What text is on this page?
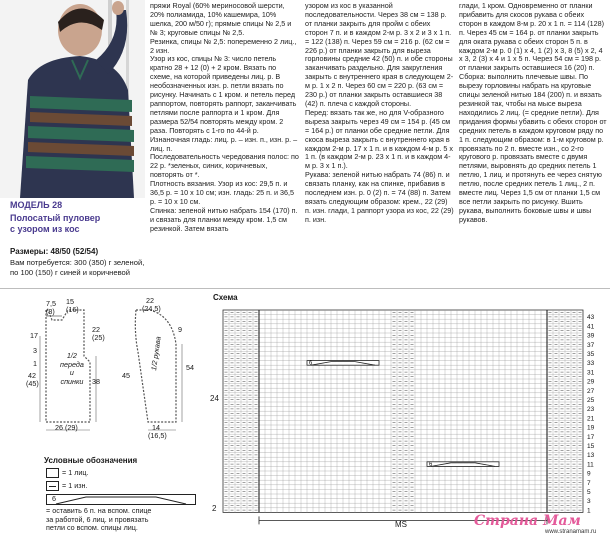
МОДЕЛЬ 28
Полосатый пуловер
с узором из кос
Размеры: 48/50 (52/54)
Вам потребуется: 300 (350) г зеленой,
по 100 (150) г синей и коричневой
пряжи Royal (60% мериносовой шерсти, 20% полиамида, 10% кашемира, 10% шелка, 200 м/50 г); прямые спицы № 2,5 и № 3; круговые спицы № 2,5.
Резинка, спицы № 2,5: попеременно 2 лиц., 2 изн.
Узор из кос, спицы № 3: число петель кратно 28 + 12 (0) + 2 кром. Вязать по схеме, на которой приведены лиц. р. В необозначенных изн. р. петли вязать по рисунку. Начинать с 1 кром. и петель перед раппортом, повторять раппорт, заканчивать петлями после раппорта и 1 кром. Для размера 52/54 повторять между кром. 2 раза. Повторять с 1-го по 44-й р.
Изнаночная гладь: лиц. р. – изн. п., изн. р. – лиц. п.
Последовательность чередования полос: по 22 р. *зеленых, синих, коричневых, повторять от *.
Плотность вязания. Узор из кос: 29,5 п. и 36,5 р. = 10 х 10 см; изн. гладь: 25 п. и 36,5 р. = 10 х 10 см.
Спинка: зеленой нитью набрать 154 (170) п. и связать для планки между кром. 1,5 см резинкой. Затем вязать
узором из кос в указанной последовательности. Через 38 см = 138 р. от планки закрыть для пройм с обеих сторон 7 п. и в каждом 2-м р. 3 х 2 и 3 х 1 п. = 122 (138) п. Через 59 см = 216 р. (62 см = 226 р.) от планки закрыть для выреза горловины средние 42 (50) п. и обе стороны заканчивать раздельно. Для закругления закрыть с внутреннего края в следующем 2-м р. 1 х 2 п. Через 60 см = 220 р. (63 см = 230 р.) от планки закрыть оставшиеся 38 (42) п. плеча с каждой стороны.
Перед: вязать так же, но для V-образного выреза закрыть через 49 см = 154 р. (45 см = 164 р.) от планки обе средние петли. Для скоса выреза закрыть с внутреннего края в каждом 2-м р. 17 х 1 п. и в каждом 4-м р. 5 х 1 п. (в каждом 2-м р. 23 х 1 п. и в каждом 4-м р. 3 х 1 п.).
Рукава: зеленой нитью набрать 74 (86) п. и связать планку, как на спинке, прибавив в последнем изн. р. 0 (2) п. = 74 (88) п. Затем вязать следующим образом: крем., 22 (29) п. изн. глади, 1 раппорт узора из кос, 22 (29) п. изн.
глади, 1 кром. Одновременно от планки прибавить для скосов рукава с обеих сторон в каждом 8-м р. 20 х 1 п. = 114 (128) п. Через 45 см = 164 р. от планки закрыть для оката рукава с обеих сторон 5 п. в каждом 2-м р. 0 (1) х 4, 1 (2) х 3, 8 (5) х 2, 4 х 3, 2 (3) х 4 и 1 х 5 п. Через 54 см = 198 р. от планки закрыть оставшиеся 16 (20) п.
Сборка: выполнить плечевые швы. По вырезу горловины набрать на круговые спицы зеленой нитью 184 (200) п. и вязать резинкой так, чтобы на мысе выреза находились 2 лиц. (= средние петли). Для придания формы убавить с обеих сторон от средних петель в каждом круговом ряду по 1 п. следующим образом: в 1-м круговом р. провязать по 2 п. вместе изн., со 2-го кругового р. провязать вместе с двумя петлями, выровнять до средних петель 1 петлю, 1 лиц. и протянуть ее через снятую петлю, после средних петель 1 лиц., 2 п. вместе лиц. Через 1,5 см от планки 1,5 см все петли закрыть по рисунку. Вшить рукава, выполнить боковые швы и швы рукавов.
7,5
(8)
15
(16)
17
22
(25)
3
1
42
(45)	38
26 (29)
1/2
переда
и
спинки
22
(24,5)
9
45
54
14
(16,5)
1/2 рукава
Условные обозначения
= 1 лиц.
= 1 изн.
6
= оставить 6 п. на вспом. спице
за работой, 6 лиц. и провязать
петли со вспом. спицы лиц.
Схема
6
6
43
41
39
37
35
33
31
29
27
25
23
21
19
17
15
13
11
9
7
5
3
1
24
2
MS	Страна Мам
www.stranamam.ru
